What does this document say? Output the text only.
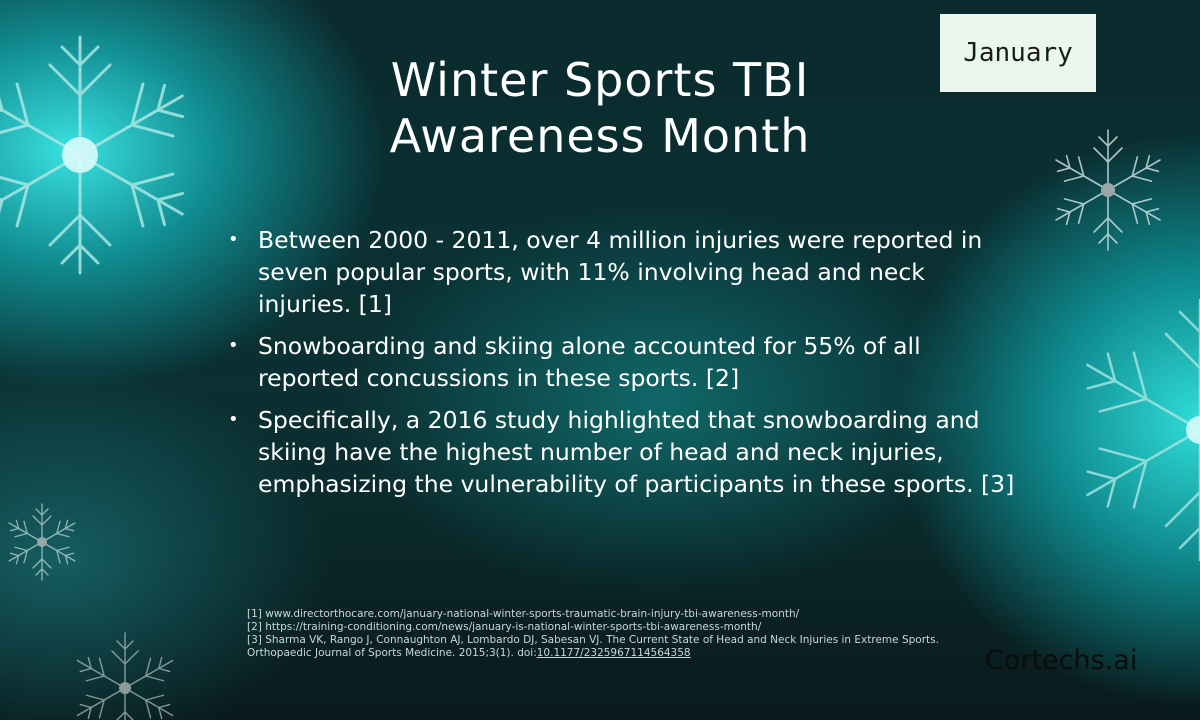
January
Winter Sports TBI
Awareness Month
• Between 2000 - 2011, over 4 million injuries were reported in seven popular sports, with 11% involving head and neck injuries. [1]
• Snowboarding and skiing alone accounted for 55% of all reported concussions in these sports. [2]
• Specifically, a 2016 study highlighted that snowboarding and skiing have the highest number of head and neck injuries, emphasizing the vulnerability of participants in these sports. [3]
[1] www.directorthocare.com/january-national-winter-sports-traumatic-brain-injury-tbi-awareness-month/
[2] https://training-conditioning.com/news/january-is-national-winter-sports-tbi-awareness-month/
[3] Sharma VK, Rango J, Connaughton AJ, Lombardo DJ, Sabesan VJ. The Current State of Head and Neck Injuries in Extreme Sports. Orthopaedic Journal of Sports Medicine. 2015;3(1). doi:10.1177/2325967114564358	Cortechs.ai
